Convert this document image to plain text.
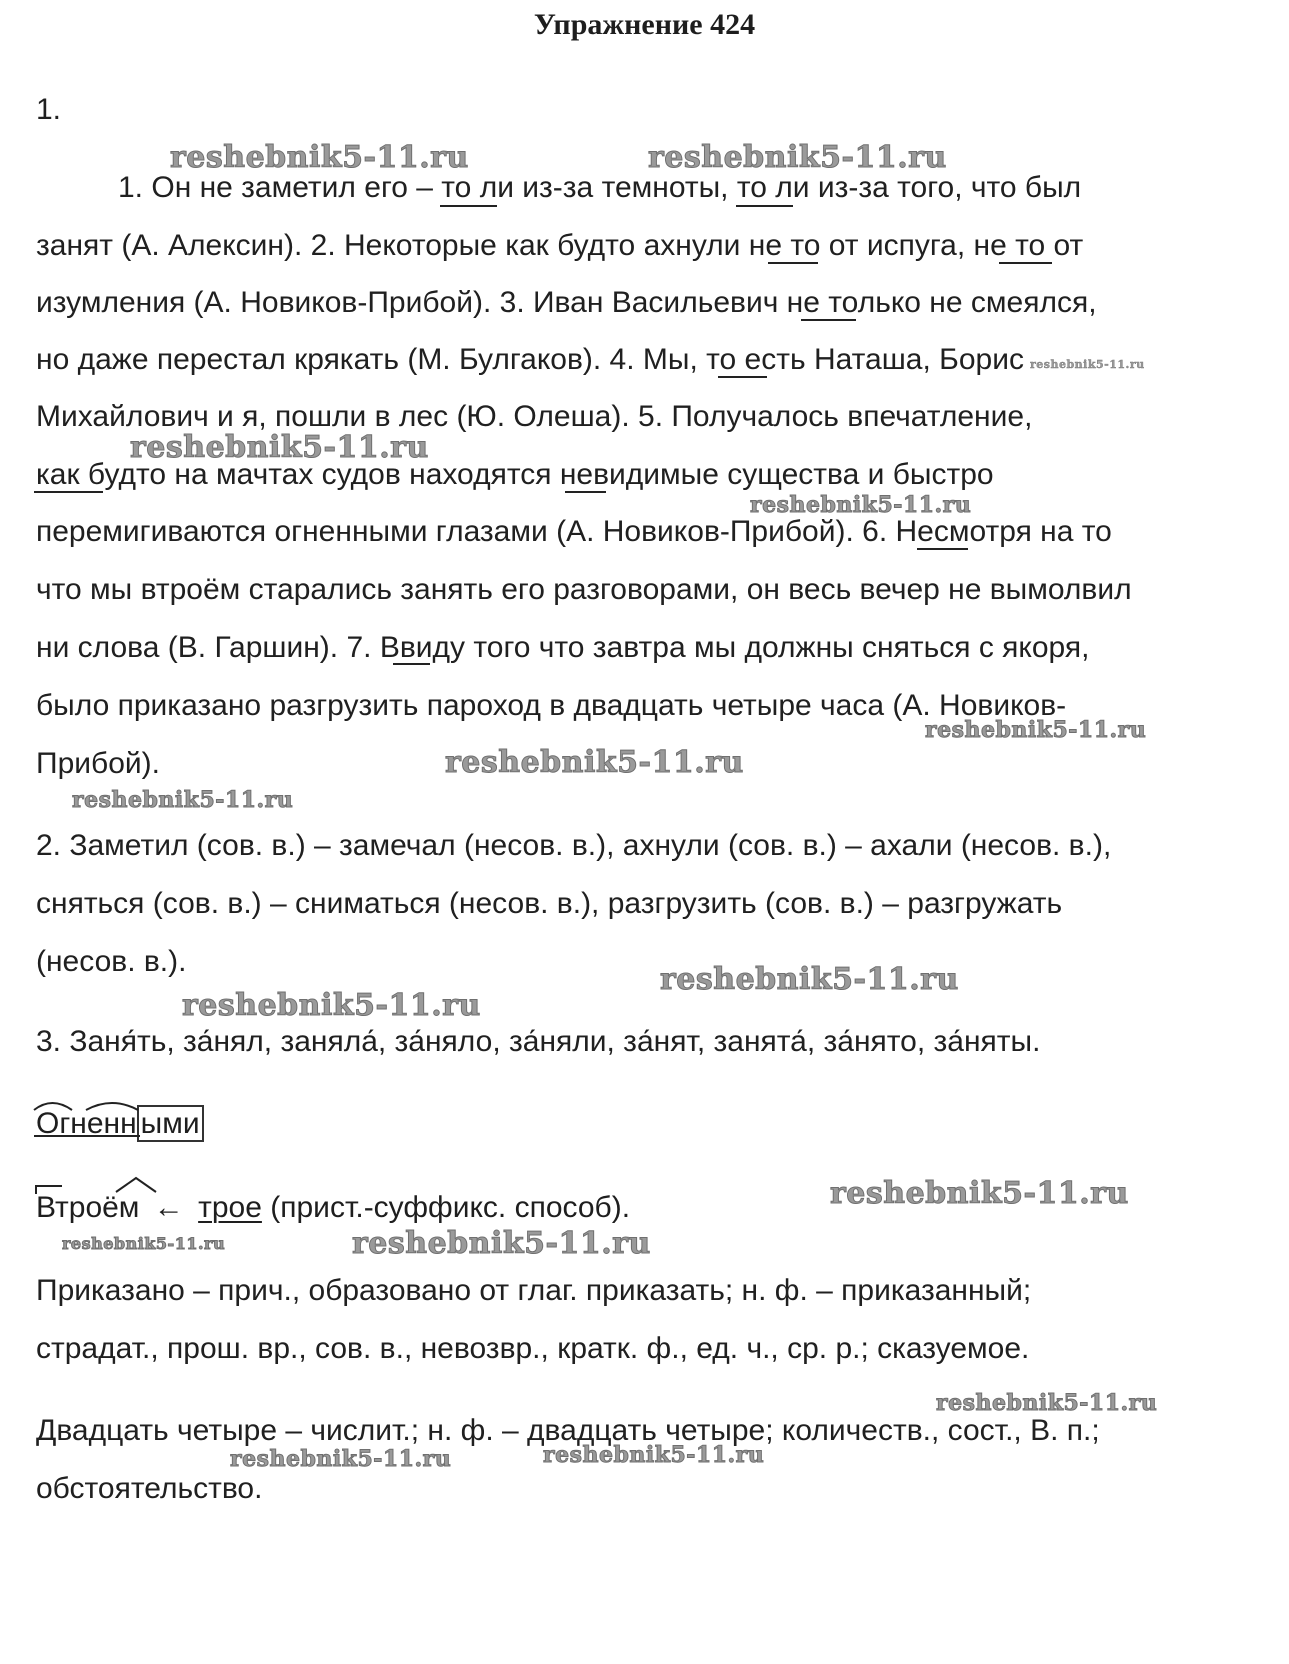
Упражнение 424
1.
1. Он не заметил его – то ли из-за темноты, то ли из-за того, что был
занят (А. Алексин). 2. Некоторые как будто ахнули не то от испуга, не то от
изумления (А. Новиков-Прибой). 3. Иван Васильевич не только не смеялся,
но даже перестал крякать (М. Булгаков). 4. Мы, то есть Наташа, Борис
Михайлович и я, пошли в лес (Ю. Олеша). 5. Получалось впечатление,
как будто на мачтах судов находятся невидимые существа и быстро
перемигиваются огненными глазами (А. Новиков-Прибой). 6. Несмотря на то
что мы втроём старались занять его разговорами, он весь вечер не вымолвил
ни слова (В. Гаршин). 7. Ввиду того что завтра мы должны сняться с якоря,
было приказано разгрузить пароход в двадцать четыре часа (А. Новиков-
Прибой).
2. Заметил (сов. в.) – замечал (несов. в.), ахнули (сов. в.) – ахали (несов. в.),
сняться (сов. в.) – сниматься (несов. в.), разгрузить (сов. в.) – разгружать
(несов. в.).
3. Заня́ть, за́нял, заняла́, за́няло, за́няли, за́нят, занята́, за́нято, за́няты.
Огненн ыми
Втроём ← трое (прист.-суффикс. способ).
Приказано – прич., образовано от глаг. приказать; н. ф. – приказанный;
страдат., прош. вр., сов. в., невозвр., кратк. ф., ед. ч., ср. р.; сказуемое.
Двадцать четыре – числит.; н. ф. – двадцать четыре; количеств., сост., В. п.;
обстоятельство.
reshebnik5-11.ru	reshebnik5-11.ru
reshebnik5-11.ru
reshebnik5-11.ru
reshebnik5-11.ru
reshebnik5-11.ru
reshebnik5-11.ru
reshebnik5-11.ru
reshebnik5-11.ru
reshebnik5-11.ru
reshebnik5-11.ru
reshebnik5-11.ru	reshebnik5-11.ru
reshebnik5-11.ru
reshebnik5-11.ru	reshebnik5-11.ru
